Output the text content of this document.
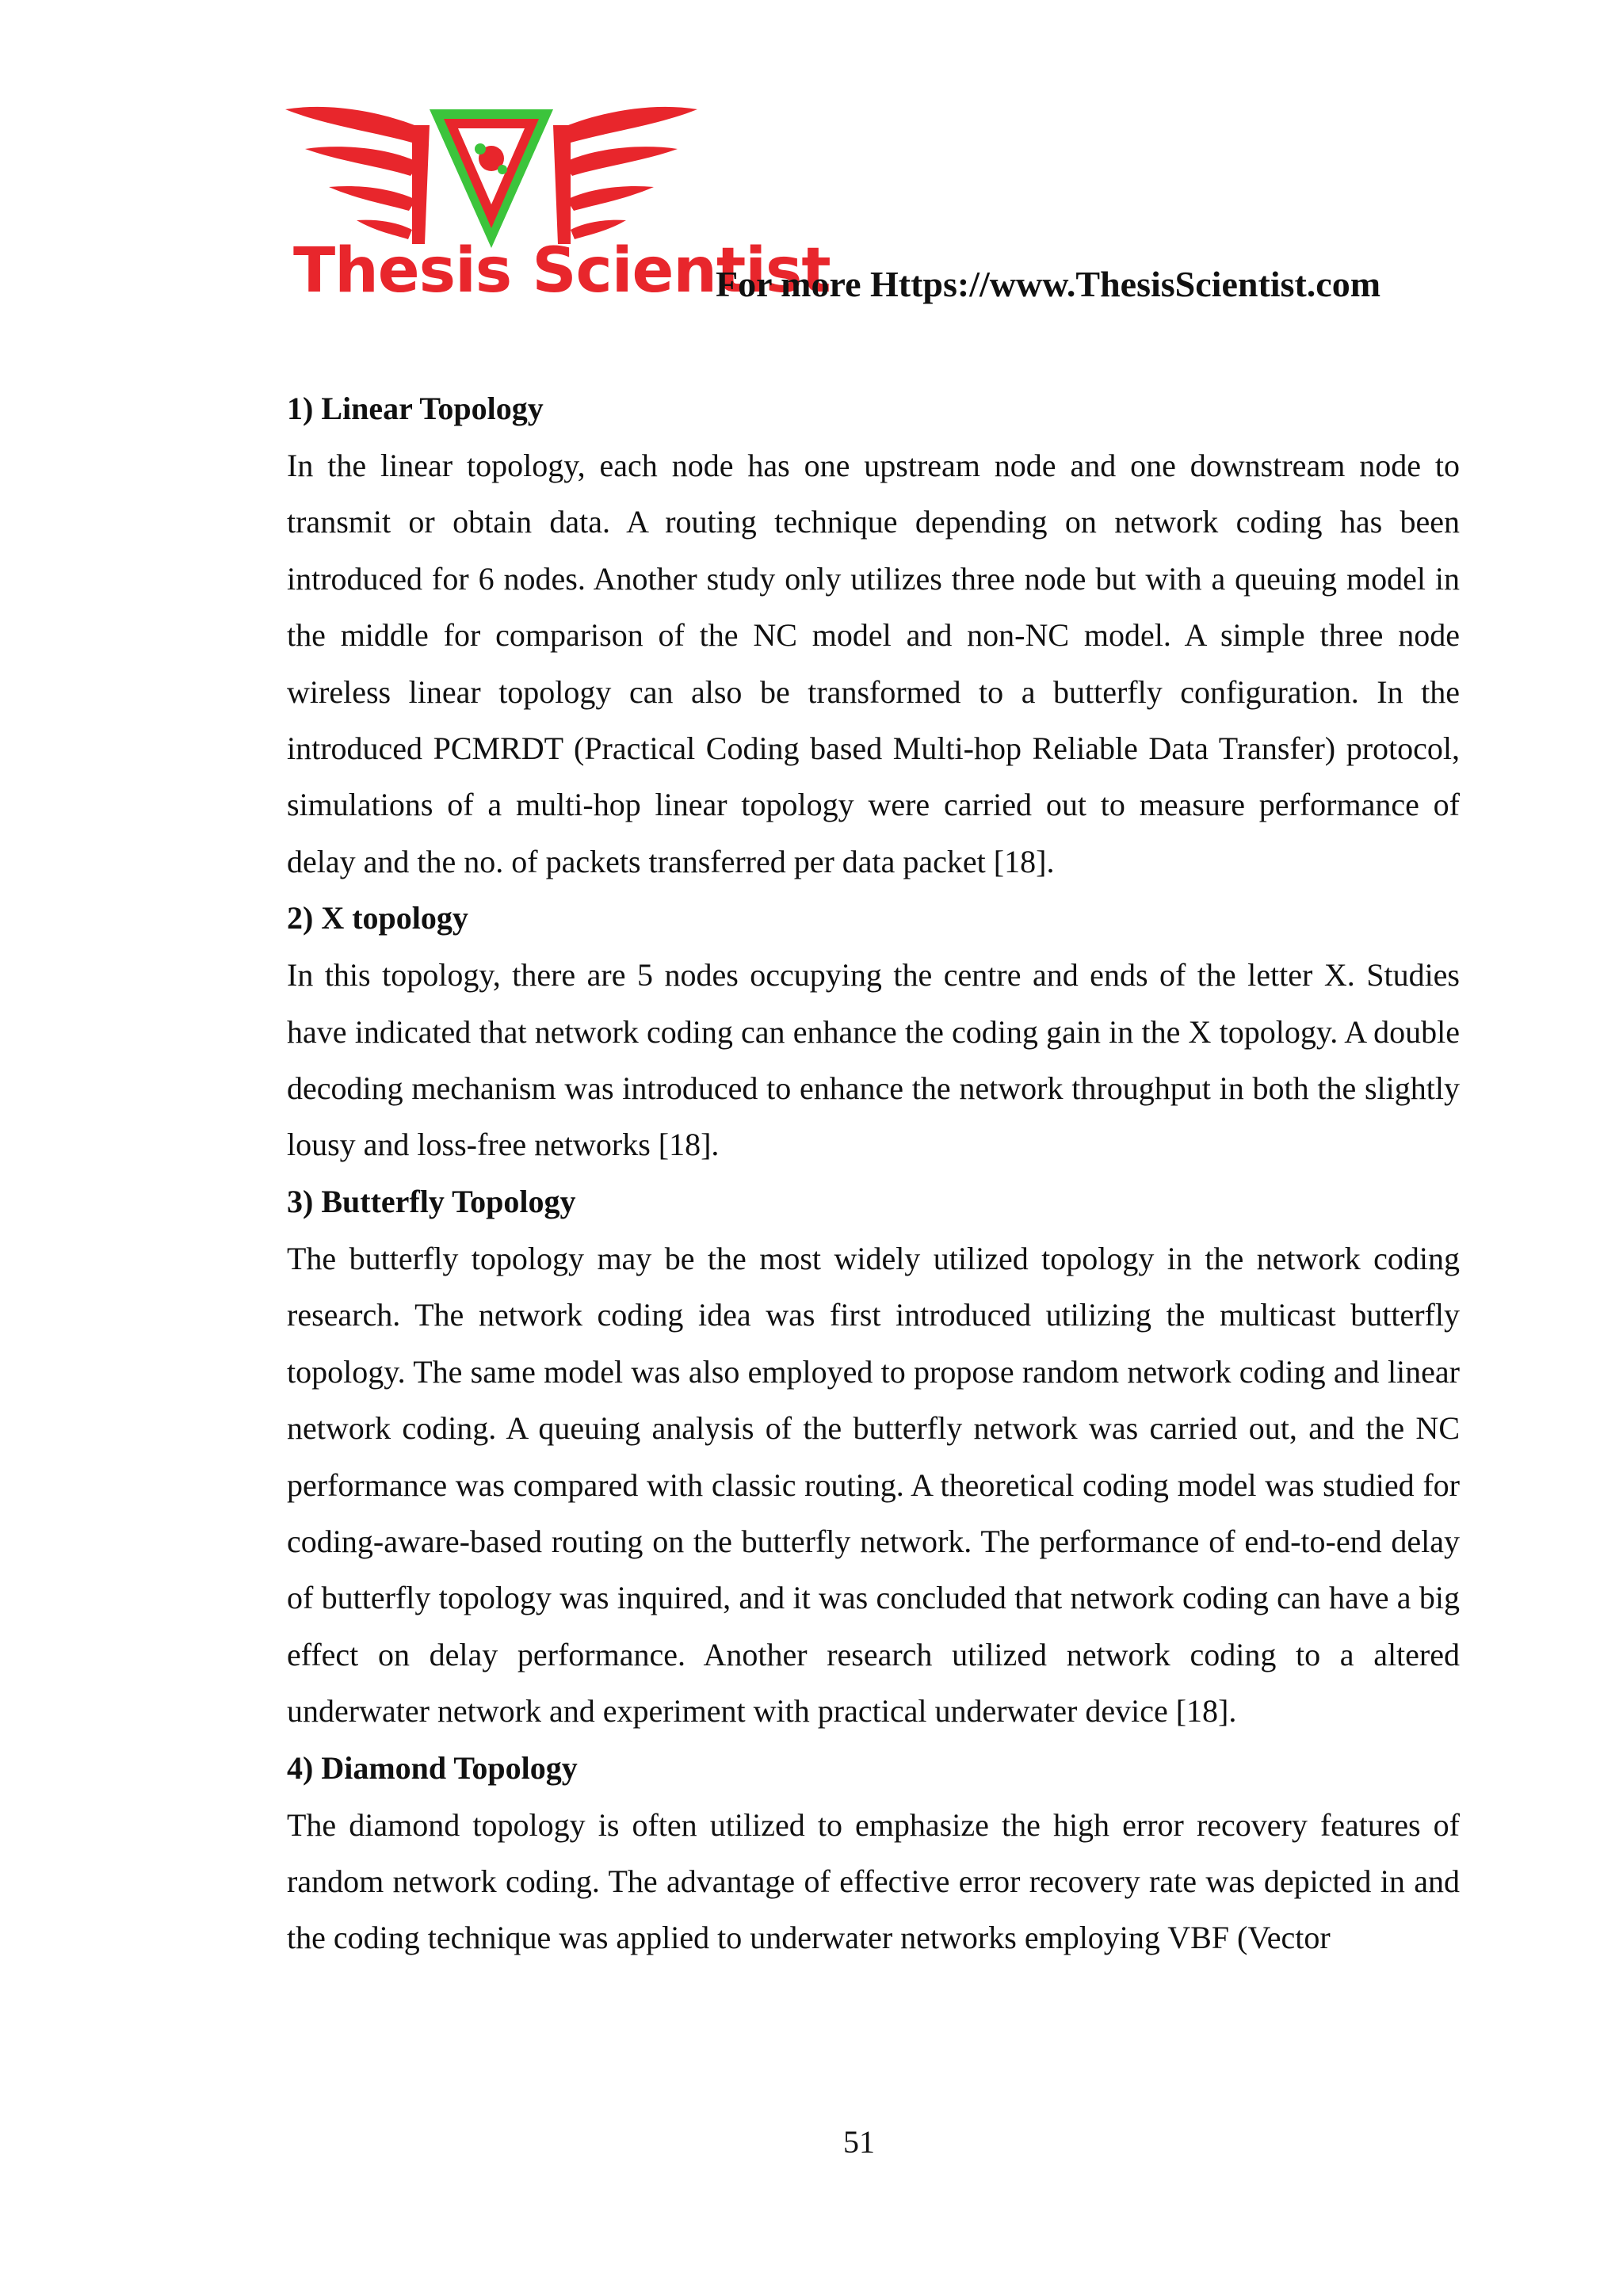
Thesis Scientist
For more Https://www.ThesisScientist.com
1) Linear Topology

In the linear topology, each node has one upstream node and one downstream node to transmit or obtain data. A routing technique depending on network coding has been introduced for 6 nodes. Another study only utilizes three node but with a queuing model in the middle for comparison of the NC model and non-NC model. A simple three node wireless linear topology can also be transformed to a butterfly configuration. In the introduced PCMRDT (Practical Coding based Multi-hop Reliable Data Transfer) protocol, simulations of a multi-hop linear topology were carried out to measure performance of delay and the no. of packets transferred per data packet [18].

2) X topology

In this topology, there are 5 nodes occupying the centre and ends of the letter X. Studies have indicated that network coding can enhance the coding gain in the X topology. A double decoding mechanism was introduced to enhance the network throughput in both the slightly lousy and loss-free networks [18].

3) Butterfly Topology

The butterfly topology may be the most widely utilized topology in the network coding research. The network coding idea was first introduced utilizing the multicast butterfly topology. The same model was also employed to propose random network coding and linear network coding. A queuing analysis of the butterfly network was carried out, and the NC performance was compared with classic routing. A theoretical coding model was studied for coding-aware-based routing on the butterfly network. The performance of end-to-end delay of butterfly topology was inquired, and it was concluded that network coding can have a big effect on delay performance. Another research utilized network coding to a altered underwater network and experiment with practical underwater device [18].

4) Diamond Topology

The diamond topology is often utilized to emphasize the high error recovery features of random network coding. The advantage of effective error recovery rate was depicted in and the coding technique was applied to underwater networks employing VBF (Vector

51
